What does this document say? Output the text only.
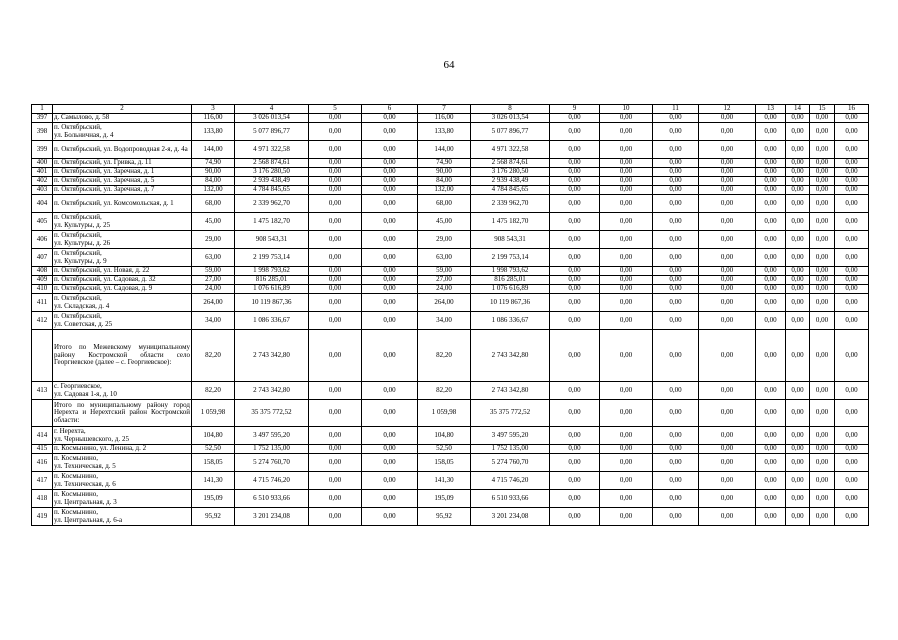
64
1	2	3	4	5	6	7	8	9	10	11	12	13	14	15	16
397	д. Самылово, д. 58	116,00	3 026 013,54	0,00	0,00	116,00	3 026 013,54	0,00	0,00	0,00	0,00	0,00	0,00	0,00	0,00
398	п. Октябрьский,
ул. Больничная, д. 4	133,80	5 077 896,77	0,00	0,00	133,80	5 077 896,77	0,00	0,00	0,00	0,00	0,00	0,00	0,00	0,00
399	п. Октябрьский, ул. Водопроводная 2-я, д. 4а	144,00	4 971 322,58	0,00	0,00	144,00	4 971 322,58	0,00	0,00	0,00	0,00	0,00	0,00	0,00	0,00
400	п. Октябрьский, ул. Гривка, д. 11	74,90	2 568 874,61	0,00	0,00	74,90	2 568 874,61	0,00	0,00	0,00	0,00	0,00	0,00	0,00	0,00
401	п. Октябрьский, ул. Заречная, д. 1	90,00	3 176 280,50	0,00	0,00	90,00	3 176 280,50	0,00	0,00	0,00	0,00	0,00	0,00	0,00	0,00
402	п. Октябрьский, ул. Заречная, д. 5	84,00	2 939 438,49	0,00	0,00	84,00	2 939 438,49	0,00	0,00	0,00	0,00	0,00	0,00	0,00	0,00
403	п. Октябрьский, ул. Заречная, д. 7	132,00	4 784 845,65	0,00	0,00	132,00	4 784 845,65	0,00	0,00	0,00	0,00	0,00	0,00	0,00	0,00
404	п. Октябрьский, ул. Комсомольская, д. 1	68,00	2 339 962,70	0,00	0,00	68,00	2 339 962,70	0,00	0,00	0,00	0,00	0,00	0,00	0,00	0,00
405	п. Октябрьский,
ул. Культуры, д. 25	45,00	1 475 182,70	0,00	0,00	45,00	1 475 182,70	0,00	0,00	0,00	0,00	0,00	0,00	0,00	0,00
406	п. Октябрьский,
ул. Культуры, д. 26	29,00	908 543,31	0,00	0,00	29,00	908 543,31	0,00	0,00	0,00	0,00	0,00	0,00	0,00	0,00
407	п. Октябрьский,
ул. Культуры, д. 9	63,00	2 199 753,14	0,00	0,00	63,00	2 199 753,14	0,00	0,00	0,00	0,00	0,00	0,00	0,00	0,00
408	п. Октябрьский, ул. Новая, д. 22	59,00	1 998 793,62	0,00	0,00	59,00	1 998 793,62	0,00	0,00	0,00	0,00	0,00	0,00	0,00	0,00
409	п. Октябрьский, ул. Садовая, д. 32	27,00	816 285,01	0,00	0,00	27,00	816 285,01	0,00	0,00	0,00	0,00	0,00	0,00	0,00	0,00
410	п. Октябрьский, ул. Садовая, д. 9	24,00	1 076 616,89	0,00	0,00	24,00	1 076 616,89	0,00	0,00	0,00	0,00	0,00	0,00	0,00	0,00
411	п. Октябрьский,
ул. Складская, д. 4	264,00	10 119 867,36	0,00	0,00	264,00	10 119 867,36	0,00	0,00	0,00	0,00	0,00	0,00	0,00	0,00
412	п. Октябрьский,
ул. Советская, д. 25	34,00	1 086 336,67	0,00	0,00	34,00	1 086 336,67	0,00	0,00	0,00	0,00	0,00	0,00	0,00	0,00
	Итого по Межевскому муниципальному району Костромской области село Георгиевское (далее – с. Георгиевское):	82,20	2 743 342,80	0,00	0,00	82,20	2 743 342,80	0,00	0,00	0,00	0,00	0,00	0,00	0,00	0,00
413	с. Георгиевское,
ул. Садовая 1-я, д. 10	82,20	2 743 342,80	0,00	0,00	82,20	2 743 342,80	0,00	0,00	0,00	0,00	0,00	0,00	0,00	0,00
	Итого по муниципальному району город Нерехта и Нерехтский район Костромской области:	1 059,98	35 375 772,52	0,00	0,00	1 059,98	35 375 772,52	0,00	0,00	0,00	0,00	0,00	0,00	0,00	0,00
414	г. Нерехта,
ул. Чернышевского, д. 25	104,80	3 497 595,20	0,00	0,00	104,80	3 497 595,20	0,00	0,00	0,00	0,00	0,00	0,00	0,00	0,00
415	п. Космынино, ул. Ленина, д. 2	52,50	1 752 135,00	0,00	0,00	52,50	1 752 135,00	0,00	0,00	0,00	0,00	0,00	0,00	0,00	0,00
416	п. Космынино,
ул. Техническая, д. 5	158,05	5 274 760,70	0,00	0,00	158,05	5 274 760,70	0,00	0,00	0,00	0,00	0,00	0,00	0,00	0,00
417	п. Космынино,
ул. Техническая, д. 6	141,30	4 715 746,20	0,00	0,00	141,30	4 715 746,20	0,00	0,00	0,00	0,00	0,00	0,00	0,00	0,00
418	п. Космынино,
ул. Центральная, д. 3	195,09	6 510 933,66	0,00	0,00	195,09	6 510 933,66	0,00	0,00	0,00	0,00	0,00	0,00	0,00	0,00
419	п. Космынино,
ул. Центральная, д. 6-а	95,92	3 201 234,08	0,00	0,00	95,92	3 201 234,08	0,00	0,00	0,00	0,00	0,00	0,00	0,00	0,00
